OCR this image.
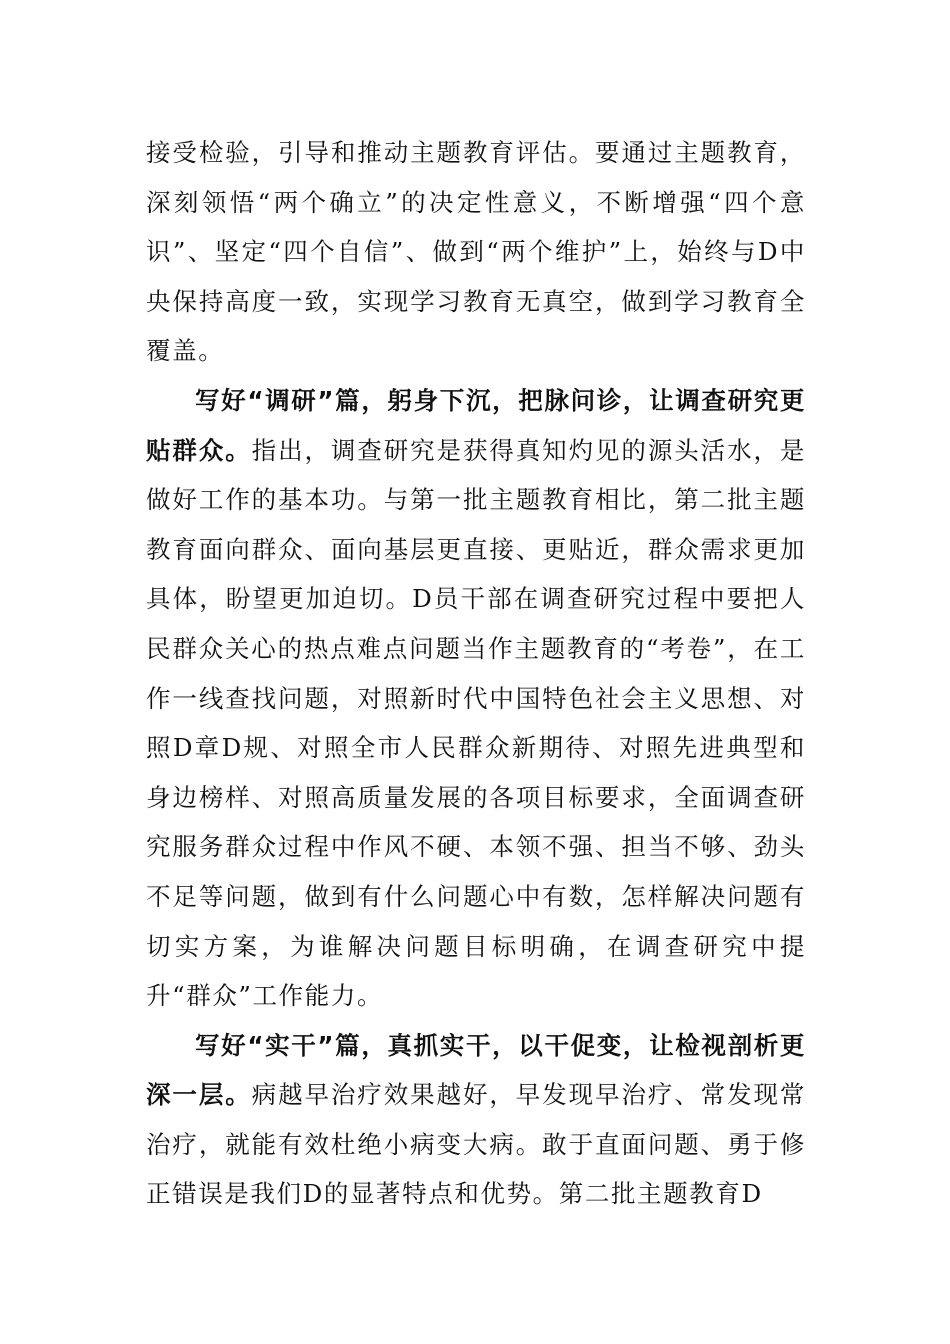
接受检验，引导和推动主题教育评估。要通过主题教育，深刻领悟“两个确立”的决定性意义，不断增强“四个意识”、坚定“四个自信”、做到“两个维护”上，始终与D中央保持高度一致，实现学习教育无真空，做到学习教育全覆盖。

写好“调研”篇，躬身下沉，把脉问诊，让调查研究更贴群众。指出，调查研究是获得真知灼见的源头活水，是做好工作的基本功。与第一批主题教育相比，第二批主题教育面向群众、面向基层更直接、更贴近，群众需求更加具体，盼望更加迫切。D员干部在调查研究过程中要把人民群众关心的热点难点问题当作主题教育的“考卷”，在工作一线查找问题，对照新时代中国特色社会主义思想、对照D章D规、对照全市人民群众新期待、对照先进典型和身边榜样、对照高质量发展的各项目标要求，全面调查研究服务群众过程中作风不硬、本领不强、担当不够、劲头不足等问题，做到有什么问题心中有数，怎样解决问题有切实方案，为谁解决问题目标明确，在调查研究中提升“群众”工作能力。

写好“实干”篇，真抓实干，以干促变，让检视剖析更深一层。病越早治疗效果越好，早发现早治疗、常发现常治疗，就能有效杜绝小病变大病。敢于直面问题、勇于修正错误是我们D的显著特点和优势。第二批主题教育D
